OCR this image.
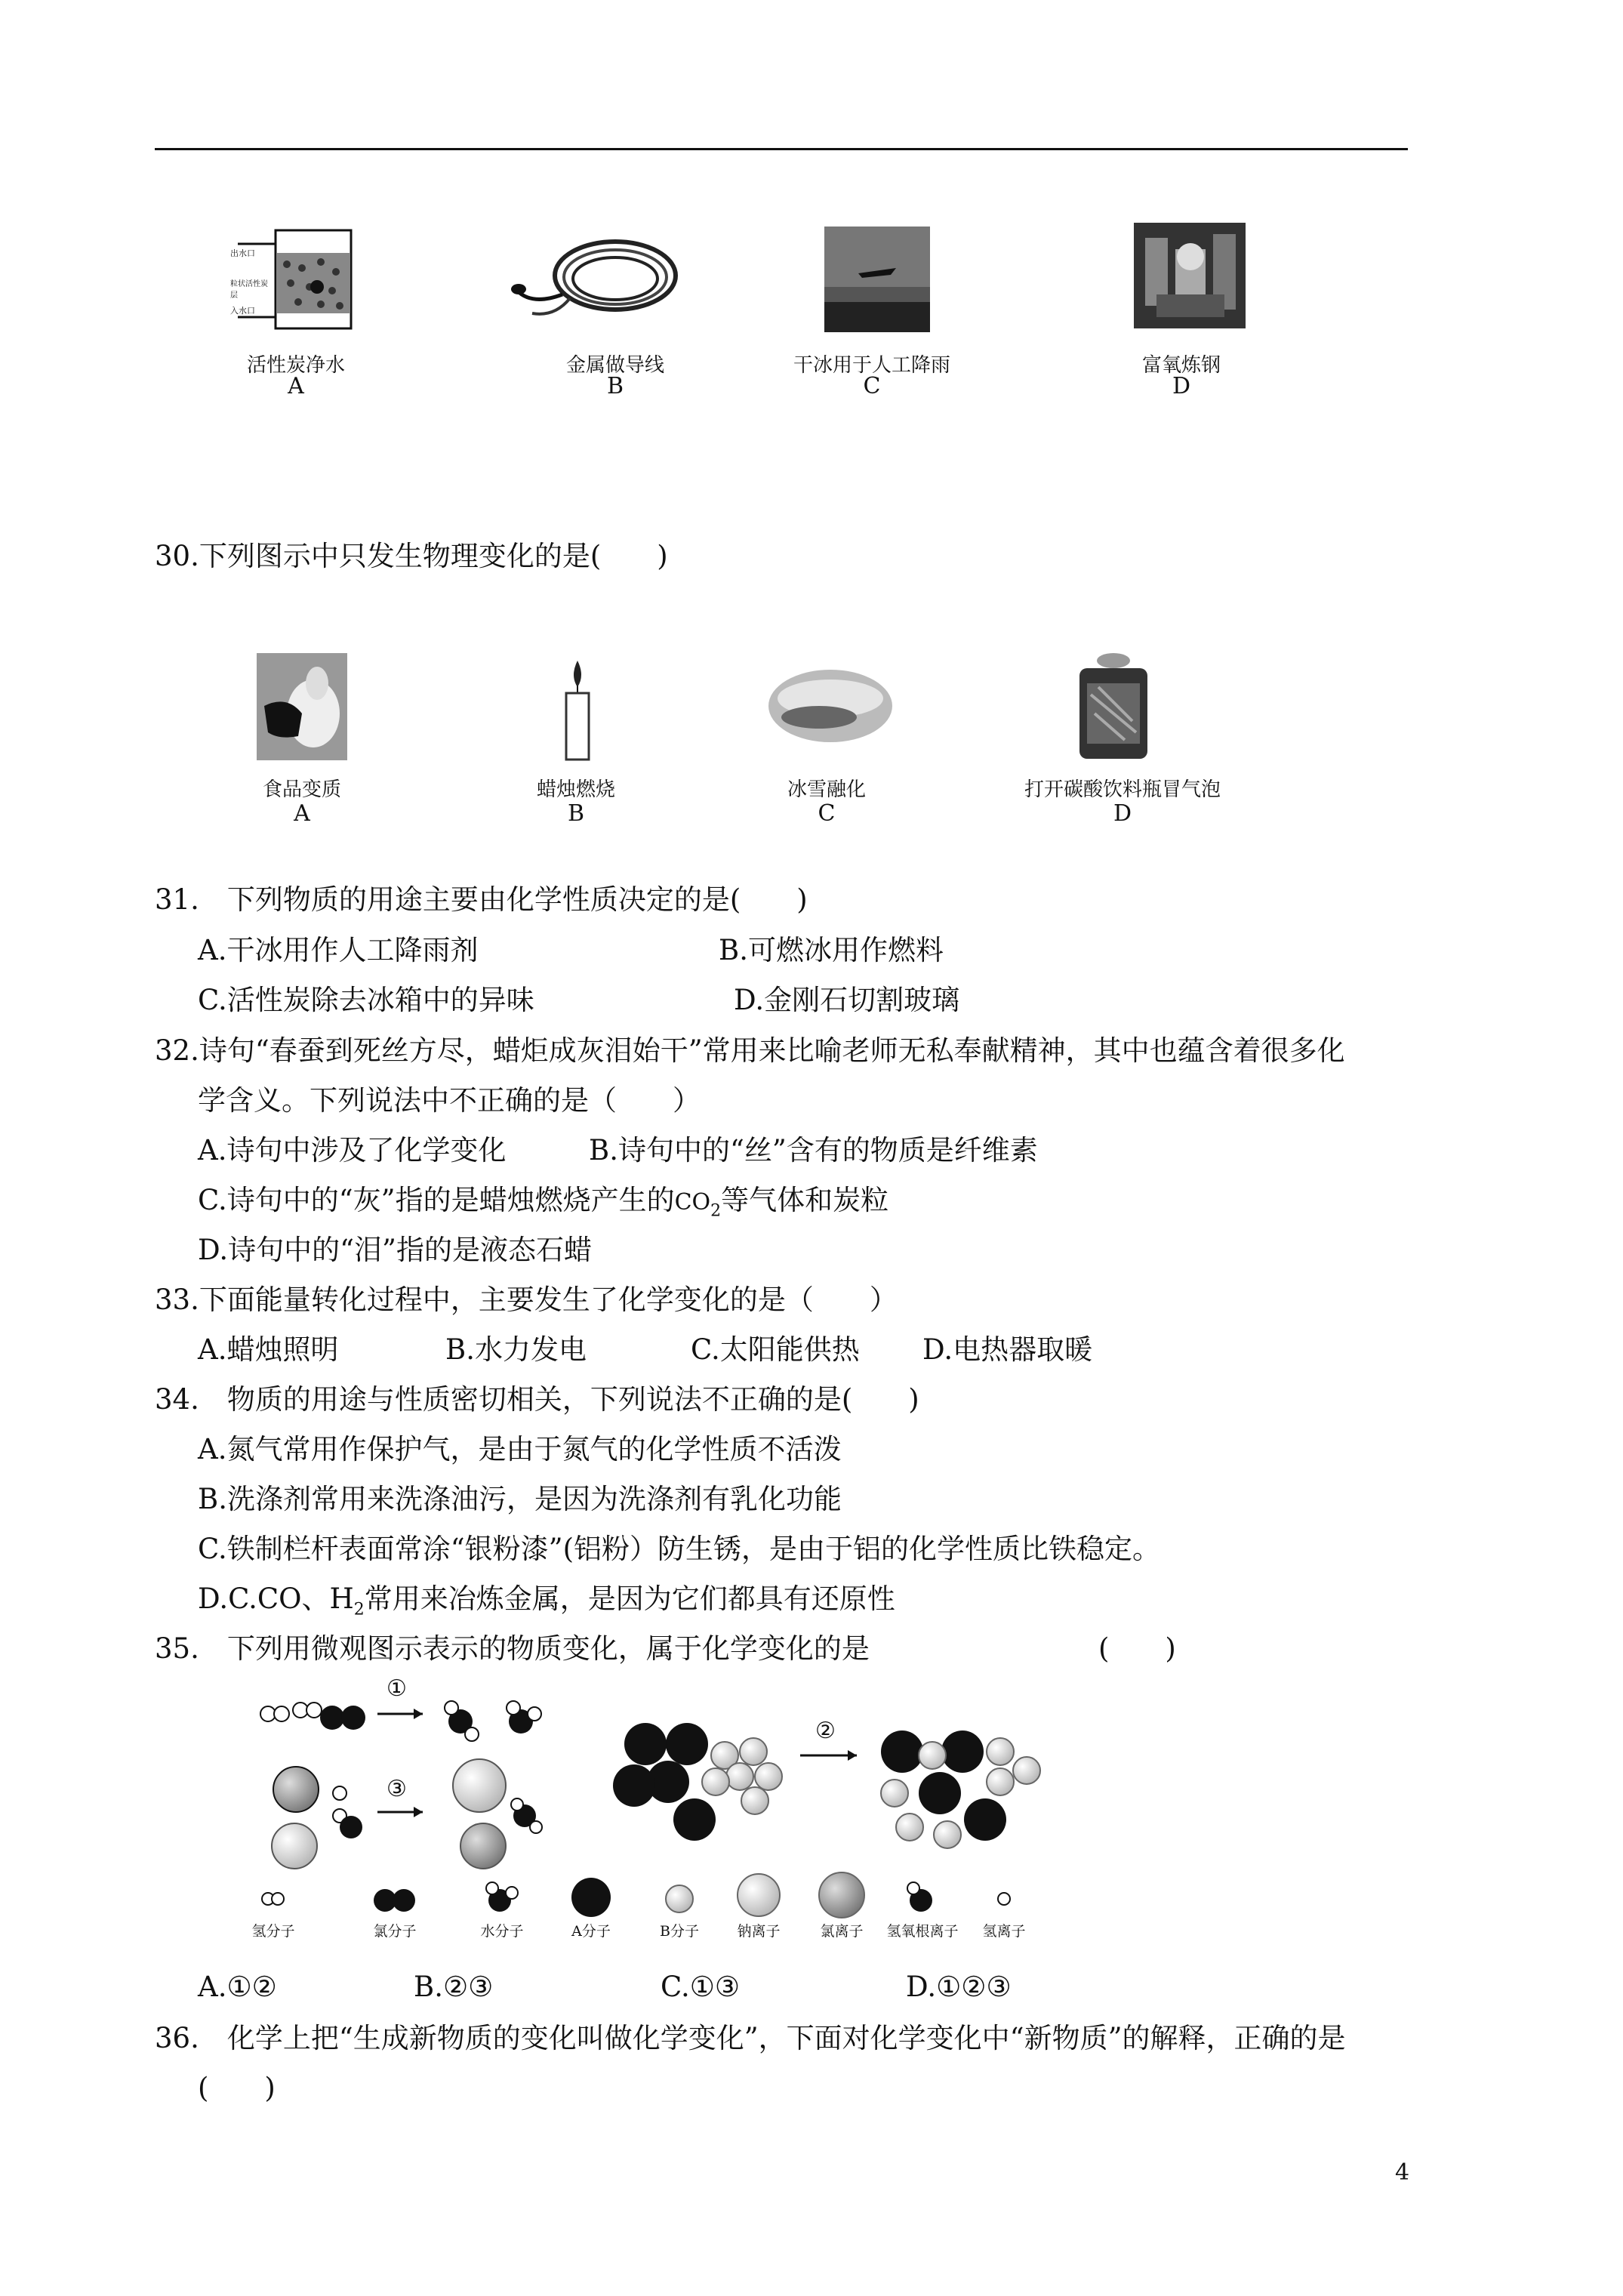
出水口
粒状活性炭层
入水口
活性炭净水
A
金属做导线
B
干冰用于人工降雨
C
富氧炼钢
D
30.下列图示中只发生物理变化的是(　　)
食品变质
A
蜡烛燃烧
B
冰雪融化
C
打开碳酸饮料瓶冒气泡
D
31.　下列物质的用途主要由化学性质决定的是(　　)
A.干冰用作人工降雨剂	B.可燃冰用作燃料
C.活性炭除去冰箱中的异味	D.金刚石切割玻璃
32.诗句“春蚕到死丝方尽，蜡炬成灰泪始干”常用来比喻老师无私奉献精神，其中也蕴含着很多化
学含义。下列说法中不正确的是（　　）
A.诗句中涉及了化学变化	B.诗句中的“丝”含有的物质是纤维素
C.诗句中的“灰”指的是蜡烛燃烧产生的$CO_2$等气体和炭粒
D.诗句中的“泪”指的是液态石蜡
33.下面能量转化过程中，主要发生了化学变化的是（　　）
A.蜡烛照明	B.水力发电	C.太阳能供热 D.电热器取暖
34.　物质的用途与性质密切相关，下列说法不正确的是(　　)
A.氮气常用作保护气，是由于氮气的化学性质不活泼
B.洗涤剂常用来洗涤油污，是因为洗涤剂有乳化功能
C.铁制栏杆表面常涂“银粉漆”(铝粉）防生锈，是由于铝的化学性质比铁稳定。
D.C.CO、$H_2$常用来冶炼金属，是因为它们都具有还原性
35.　下列用微观图示表示的物质变化，属于化学变化的是	(　　)
①
②
③
氢分子	氯分子	水分子	A分子	B分子	钠离子	氯离子 氢氧根离子 氢离子
A.①②	B.②③	C.①③	D.①②③
36.　化学上把“生成新物质的变化叫做化学变化”，下面对化学变化中“新物质”的解释，正确的是
(　　)
4
